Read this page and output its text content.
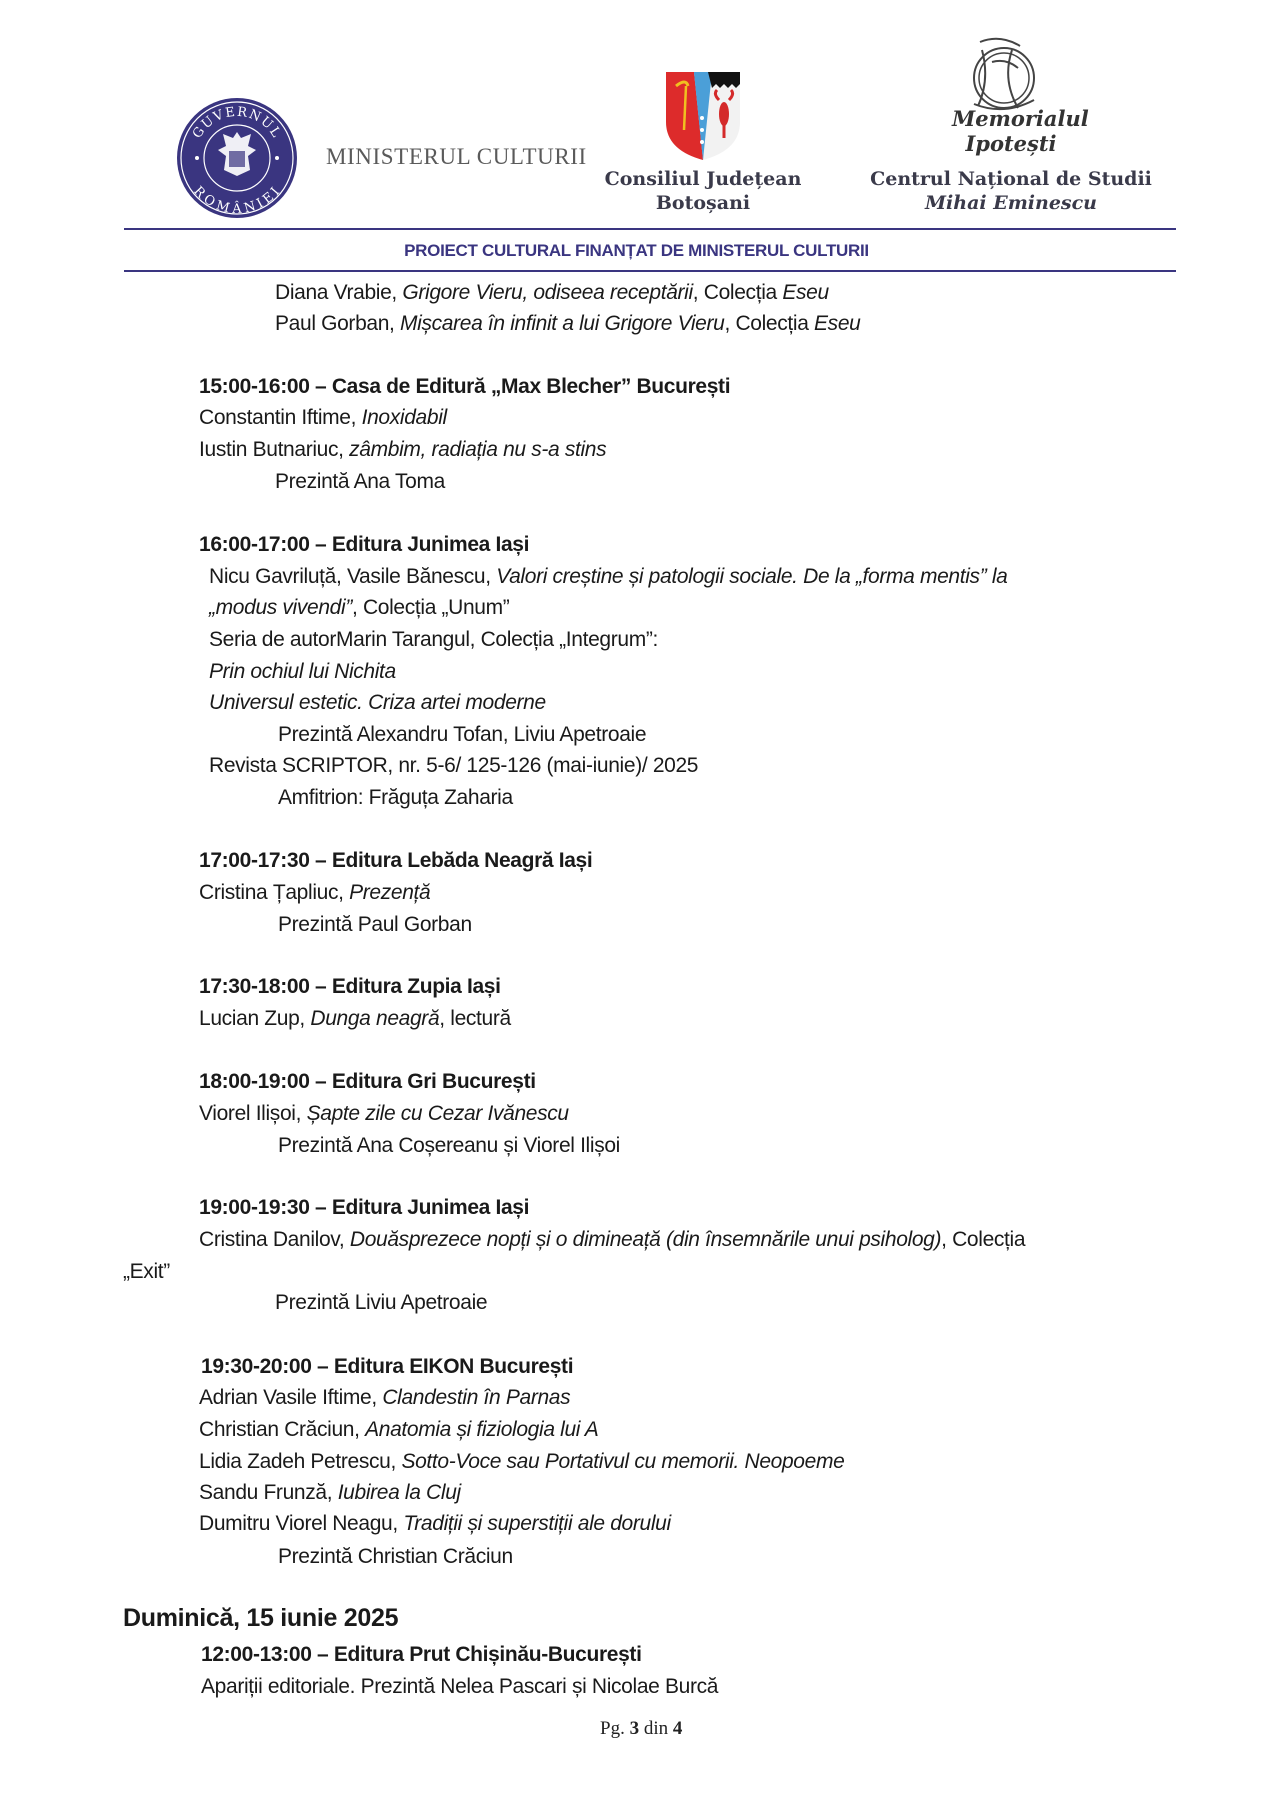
GUVERNUL
ROMÂNIEI
MINISTERUL CULTURII
Consiliul Județean
Botoșani
Memorialul
Ipotești
Centrul Național de Studii
Mihai Eminescu
PROIECT CULTURAL FINANȚAT DE MINISTERUL CULTURII
Diana Vrabie, Grigore Vieru, odiseea receptării, Colecția Eseu
Paul Gorban, Mișcarea în infinit a lui Grigore Vieru, Colecția Eseu
15:00-16:00 – Casa de Editură „Max Blecher” București
Constantin Iftime, Inoxidabil
Iustin Butnariuc, zâmbim, radiația nu s-a stins
Prezintă Ana Toma
16:00-17:00 – Editura Junimea Iași
Nicu Gavriluță, Vasile Bănescu, Valori creștine și patologii sociale. De la „forma mentis” la
„modus vivendi”, Colecția „Unum”
Seria de autorMarin Tarangul, Colecția „Integrum”:
Prin ochiul lui Nichita
Universul estetic. Criza artei moderne
Prezintă Alexandru Tofan, Liviu Apetroaie
Revista SCRIPTOR, nr. 5-6/ 125-126 (mai-iunie)/ 2025
Amfitrion: Frăguța Zaharia
17:00-17:30 – Editura Lebăda Neagră Iași
Cristina Țapliuc, Prezență
Prezintă Paul Gorban
17:30-18:00 – Editura Zupia Iași
Lucian Zup, Dunga neagră, lectură
18:00-19:00 – Editura Gri București
Viorel Ilișoi, Șapte zile cu Cezar Ivănescu
Prezintă Ana Coșereanu și Viorel Ilișoi
19:00-19:30 – Editura Junimea Iași
Cristina Danilov, Douăsprezece nopți și o dimineață (din însemnările unui psiholog), Colecția
„Exit”
Prezintă Liviu Apetroaie
19:30-20:00 – Editura EIKON București
Adrian Vasile Iftime, Clandestin în Parnas
Christian Crăciun, Anatomia și fiziologia lui A
Lidia Zadeh Petrescu, Sotto-Voce sau Portativul cu memorii. Neopoeme
Sandu Frunză, Iubirea la Cluj
Dumitru Viorel Neagu, Tradiții și superstiții ale dorului
Prezintă Christian Crăciun
Duminică, 15 iunie 2025
12:00-13:00 – Editura Prut Chișinău-București
Apariții editoriale. Prezintă Nelea Pascari și Nicolae Burcă
Pg. 3 din 4
